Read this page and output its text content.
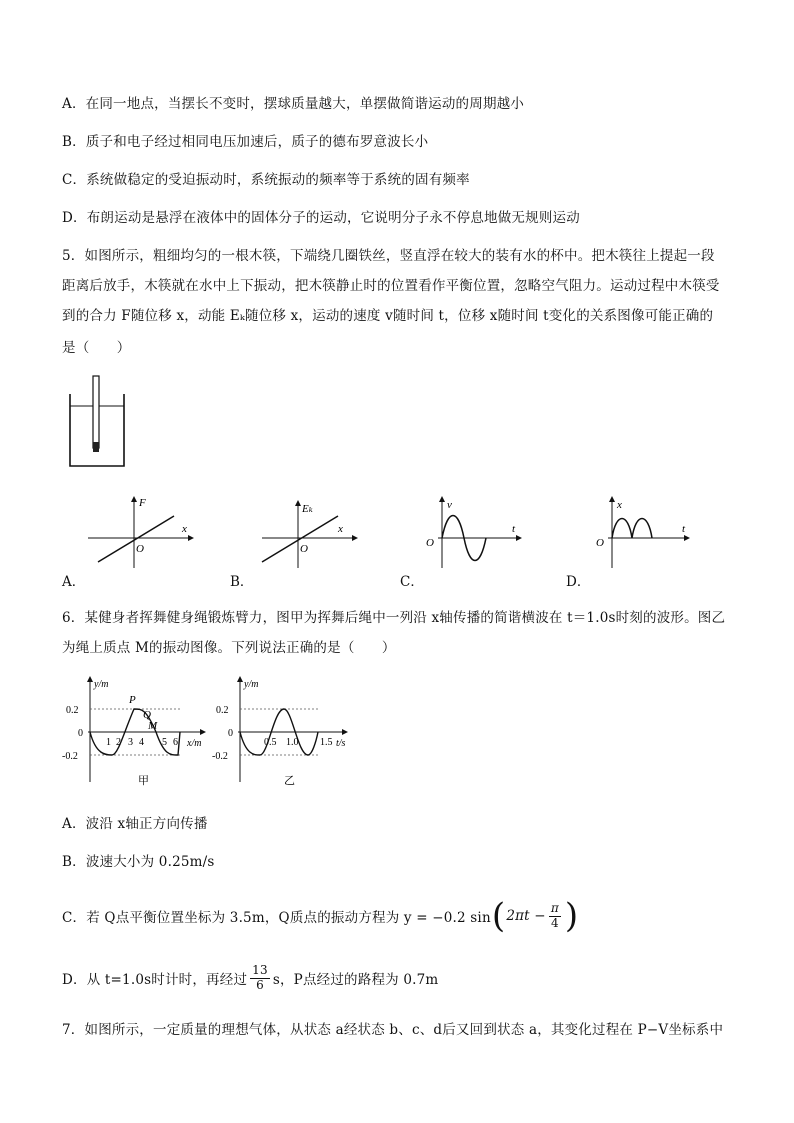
A．在同一地点，当摆长不变时，摆球质量越大，单摆做简谐运动的周期越小
B．质子和电子经过相同电压加速后，质子的德布罗意波长小
C．系统做稳定的受迫振动时，系统振动的频率等于系统的固有频率
D．布朗运动是悬浮在液体中的固体分子的运动，它说明分子永不停息地做无规则运动
5．如图所示，粗细均匀的一根木筷，下端绕几圈铁丝，竖直浮在较大的装有水的杯中。把木筷往上提起一段
距离后放手，木筷就在水中上下振动，把木筷静止时的位置看作平衡位置，忽略空气阻力。运动过程中木筷受
到的合力 F随位移 x，动能 Eₖ随位移 x，运动的速度 v随时间 t，位移 x随时间 t变化的关系图像可能正确的
是（　　）
F
x
O
Eₖ
x
O
v
t
O
x
t
O
A．	B．	C．	D．
6．某健身者挥舞健身绳锻炼臂力，图甲为挥舞后绳中一列沿 x轴传播的简谐横波在 t＝1.0s时刻的波形。图乙
为绳上质点 M的振动图像。下列说法正确的是（　　）
y/m
x/m
0.2
0
-0.2
1 2 3 4 5 6
P
Q
M
甲
y/m
t/s
0.2
0
-0.2
0.5 1.0 1.5
乙
A．波沿 x轴正方向传播
B．波速大小为 0.25m/s
C．若 Q点平衡位置坐标为 3.5m，Q质点的振动方程为 y = −0.2 sin ( $2\pi t - \frac{\pi}{4}$ )
D．从 t=1.0s时计时，再经过 $\frac{13}{6}$ s，P点经过的路程为 0.7m
7．如图所示，一定质量的理想气体，从状态 a经状态 b、c、d后又回到状态 a，其变化过程在 P−V坐标系中
